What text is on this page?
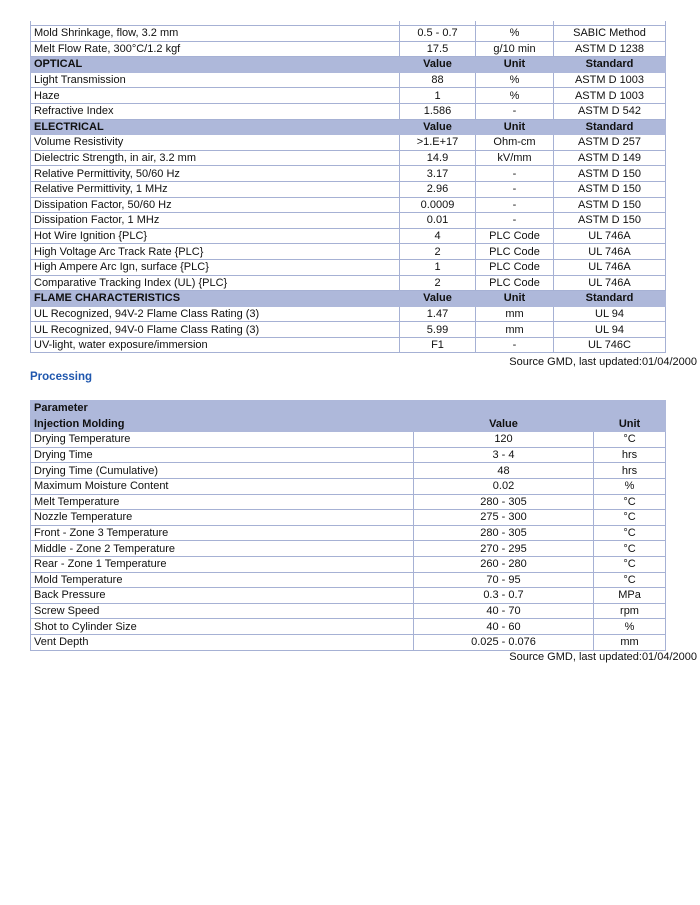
Mold Shrinkage, flow, 3.2 mm	0.5 - 0.7	%	SABIC Method
Melt Flow Rate, 300°C/1.2 kgf	17.5	g/10 min	ASTM D 1238
OPTICAL	Value	Unit	Standard
Light Transmission	88	%	ASTM D 1003
Haze	1	%	ASTM D 1003
Refractive Index	1.586	-	ASTM D 542
ELECTRICAL	Value	Unit	Standard
Volume Resistivity	>1.E+17	Ohm-cm	ASTM D 257
Dielectric Strength, in air, 3.2 mm	14.9	kV/mm	ASTM D 149
Relative Permittivity, 50/60 Hz	3.17	-	ASTM D 150
Relative Permittivity, 1 MHz	2.96	-	ASTM D 150
Dissipation Factor, 50/60 Hz	0.0009	-	ASTM D 150
Dissipation Factor, 1 MHz	0.01	-	ASTM D 150
Hot Wire Ignition {PLC}	4	PLC Code	UL 746A
High Voltage Arc Track Rate {PLC}	2	PLC Code	UL 746A
High Ampere Arc Ign, surface {PLC}	1	PLC Code	UL 746A
Comparative Tracking Index (UL) {PLC}	2	PLC Code	UL 746A
FLAME CHARACTERISTICS	Value	Unit	Standard
UL Recognized, 94V-2 Flame Class Rating (3)	1.47	mm	UL 94
UL Recognized, 94V-0 Flame Class Rating (3)	5.99	mm	UL 94
UV-light, water exposure/immersion	F1	-	UL 746C
Source GMD, last updated:01/04/2000
Processing
Parameter		
Injection Molding	Value	Unit
Drying Temperature	120	°C
Drying Time	3 - 4	hrs
Drying Time (Cumulative)	48	hrs
Maximum Moisture Content	0.02	%
Melt Temperature	280 - 305	°C
Nozzle Temperature	275 - 300	°C
Front - Zone 3 Temperature	280 - 305	°C
Middle - Zone 2 Temperature	270 - 295	°C
Rear - Zone 1 Temperature	260 - 280	°C
Mold Temperature	70 - 95	°C
Back Pressure	0.3 - 0.7	MPa
Screw Speed	40 - 70	rpm
Shot to Cylinder Size	40 - 60	%
Vent Depth	0.025 - 0.076	mm
Source GMD, last updated:01/04/2000
